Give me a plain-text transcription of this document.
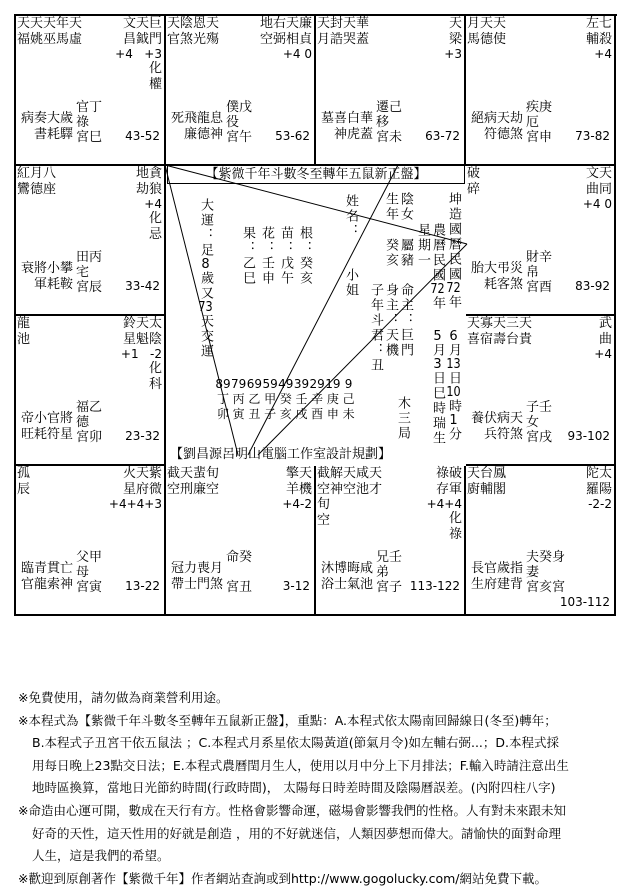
天天天年天
福姚巫馬虛
文天巨
昌鉞門
+4   +3
化權
病奏大歲
書耗驛
官丁
祿
宮巳 43-52
天陰恩天
官煞光殤
地右天廉
空弼相貞
+4 0
死飛龍息
廉德神
僕戊
役
宮午 53-62
天封天華
月誥哭蓋
天
梁
+3
墓喜白華
神虎蓋
遷己
移
宮未 63-72
月天天
馬德使
左七
輔殺
+4
絕病天劫
符德煞
疾庚
厄
宮申 73-82
破
碎
文天
曲同
+4 0
胎大弔災
耗客煞
財辛
帛
宮酉 83-92
天寡天三天
喜宿壽台貴
武
曲
+4
養伏病天
兵符煞
子壬
女
宮戌 93-102
天台鳳
廚輔閣
陀太
羅陽
-2-2
長官歲指
生府建背
夫癸身
妻
宮亥宮
103-112
截解天咸天
空神空池才
祿破
存軍
+4+4
化祿
旬空
沐博晦咸
浴士氣池
兄壬
弟
宮子 113-122
截天蜚旬
空刑廉空
擎天
羊機
+4-2
冠力喪月
帶士門煞
命癸
宮丑	3-12
孤
辰
火天紫
星府微
+4+4+3
臨青貫亡
官龍索神
父甲
母
宮寅 13-22
龍
池
鈴天太
星魁陰
+1   -2
化科
帝小官將
旺耗符星
福乙
德
宮卯 23-32
紅月八
鸞德座
地貪
劫狼
+4
化忌
衰將小攀
軍耗鞍
田丙
宅
宮辰 33-42
【紫微千年斗數冬至轉年五鼠新正盤】
大運：足8歲又73天交運
果：乙巳 花：壬申 苗：戊午 根：癸亥
姓名：
小姐
生年 陰女
癸亥 屬豬 星期一 農曆民國72年
坤造國曆民國72年
子年斗君：丑 身主：天機 命主：巨門 5月3日巳時瑞生
6月13日10時1分
木三局
89
丁
卯
79
丙
寅
69
乙
丑
59
甲
子
49
癸
亥
39
壬
戌
29
辛
酉
19
庚
申
9
己
未
【劉昌源呂明山電腦工作室設計規劃】
※免費使用，請勿做為商業營利用途。
※本程式為【紫微千年斗數冬至轉年五鼠新正盤】，重點：A.本程式依太陽南回歸線日(冬至)轉年；
B.本程式子丑宮干依五鼠法 ；C.本程式月系星依太陽黃道(節氣月令)如左輔右弼...；D.本程式採
用每日晚上23點交日法；E.本程式農曆閏月生人，使用以月中分上下月排法；F.輸入時請注意出生
地時區換算，當地日光節約時間(行政時間)， 太陽每日時差時間及陰陽曆誤差。(內附四柱八字)
※命造由心運可開，數成在天行有方。性格會影響命運，磁場會影響我們的性格。人有對未來跟未知
好奇的天性，這天性用的好就是創造 ，用的不好就迷信，人類因夢想而偉大。請愉快的面對命理
人生，這是我們的希望。
※歡迎到原創著作【紫微千年】作者網站查詢或到http://www.gogolucky.com/網站免費下載。
